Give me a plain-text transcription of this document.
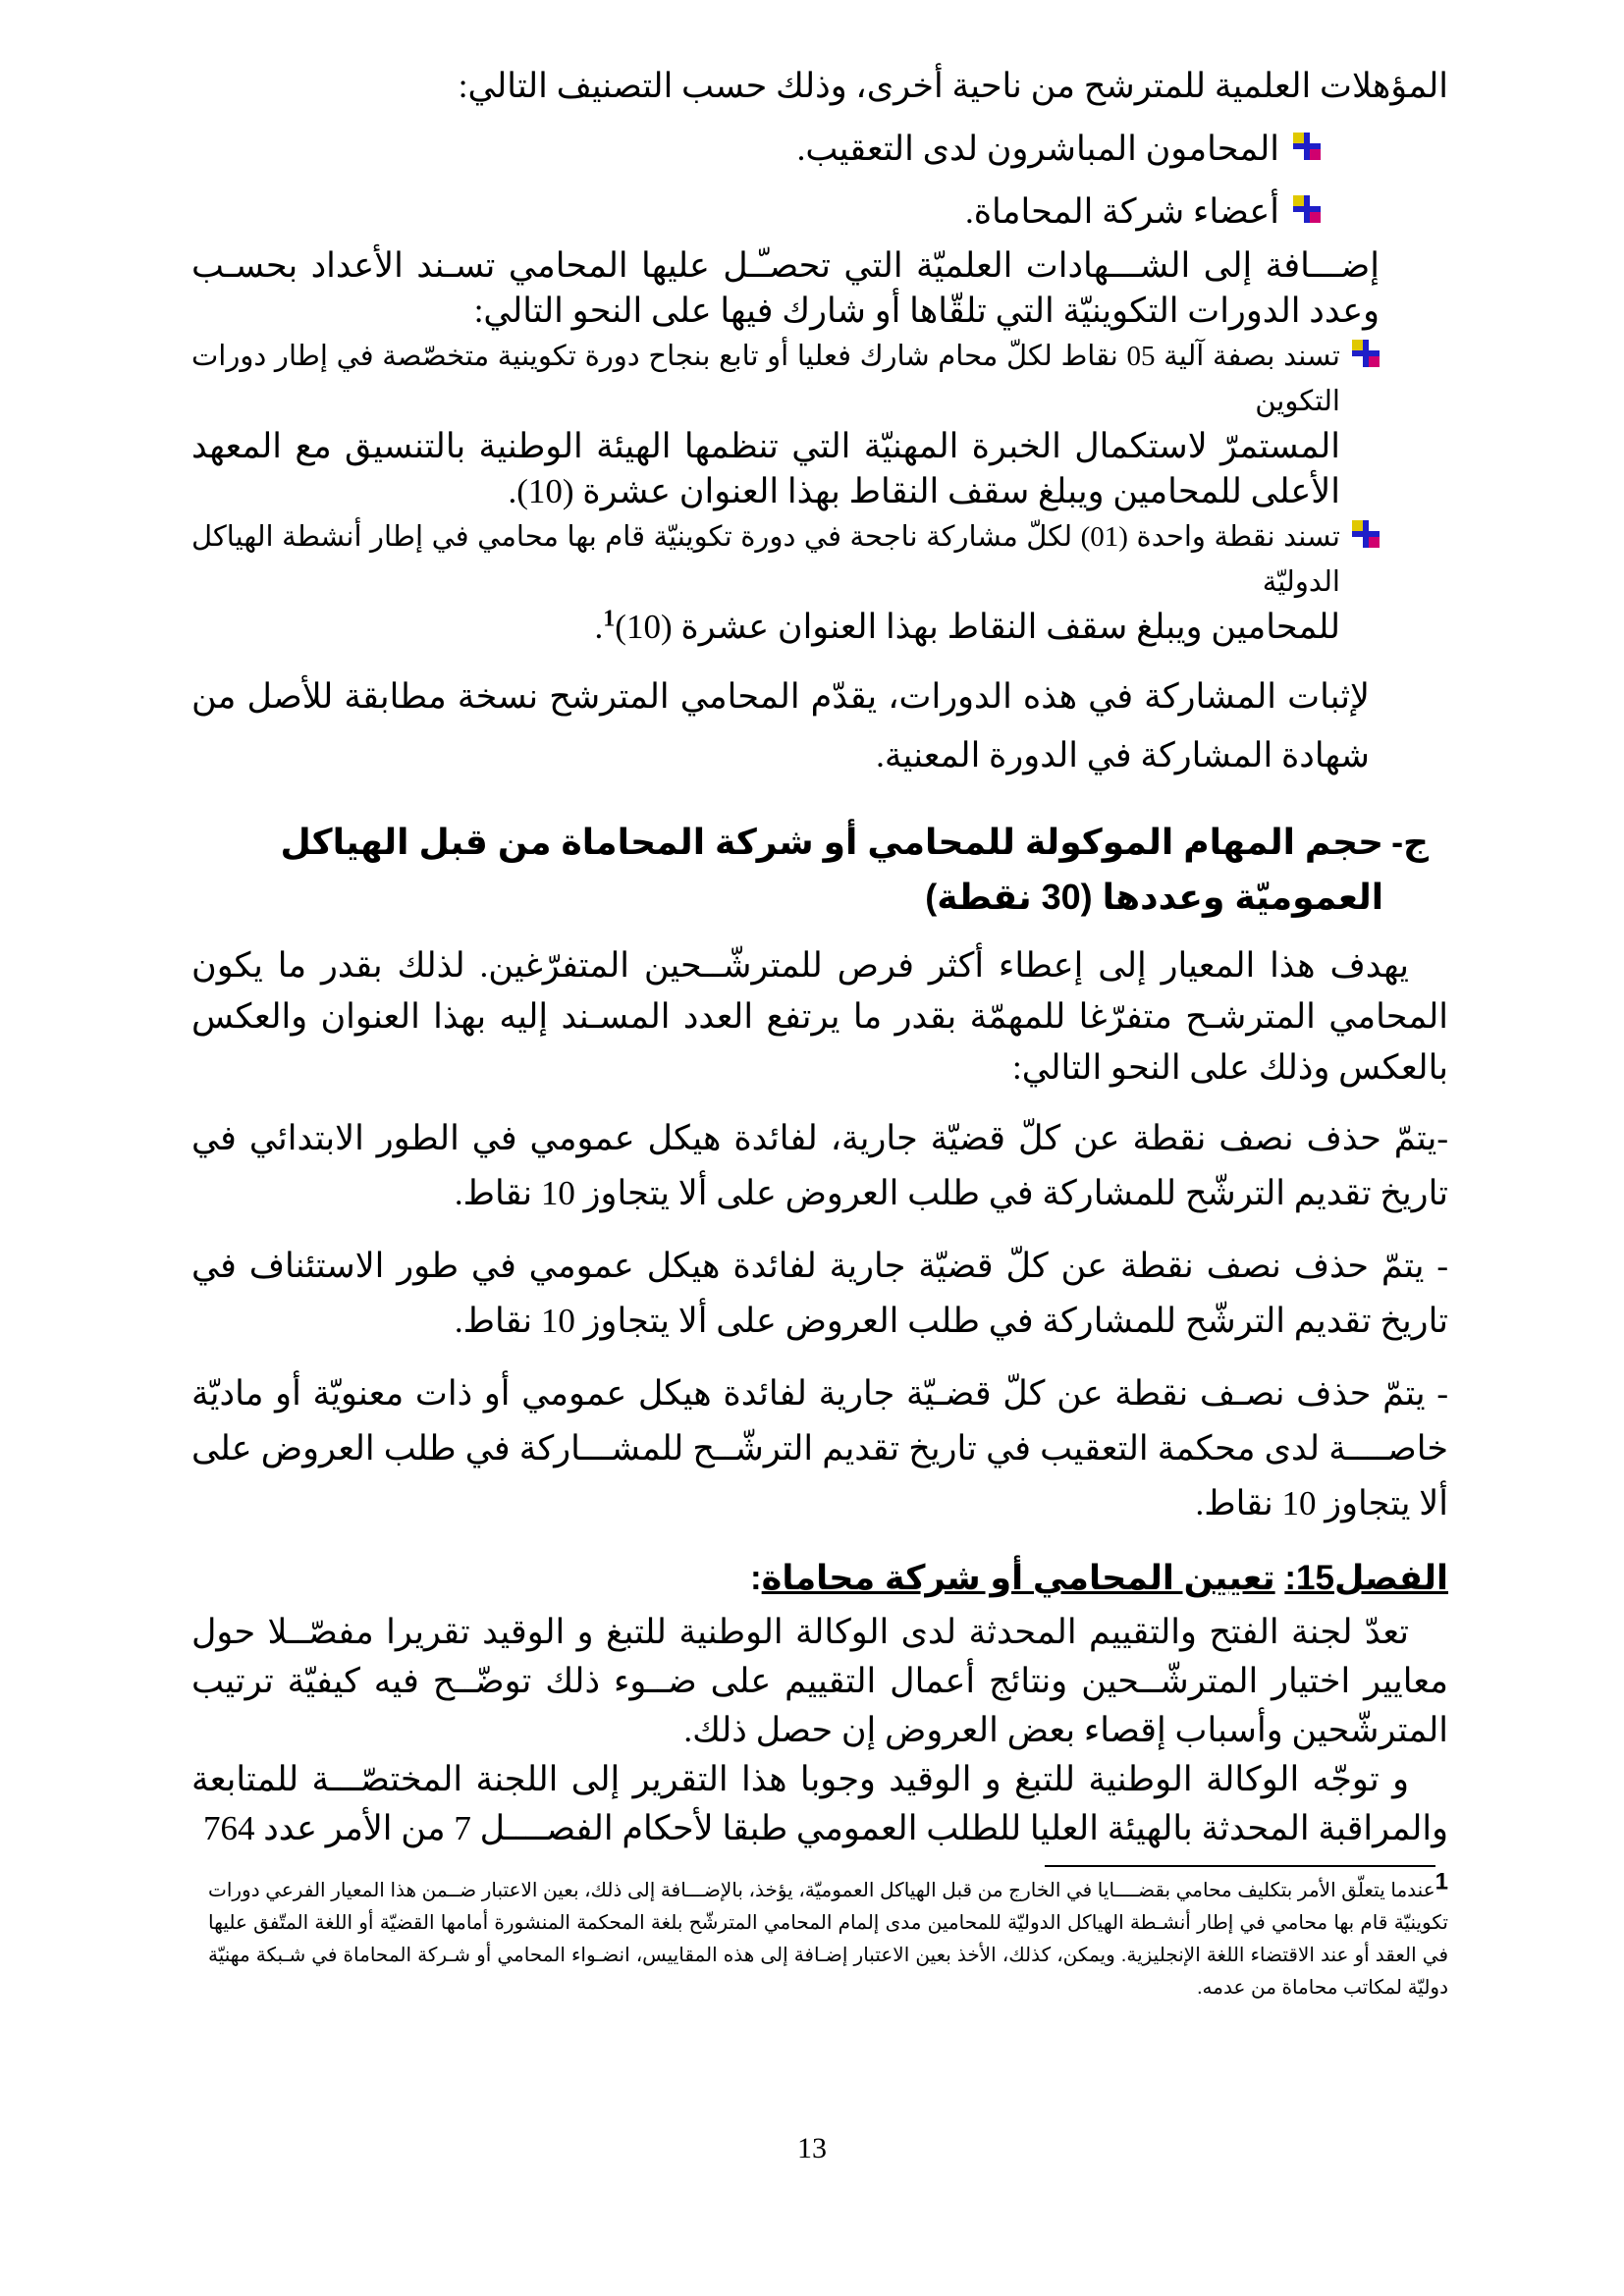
المؤهلات العلمية للمترشح من ناحية أخرى، وذلك حسب التصنيف التالي:

المحامون المباشرون لدى التعقيب.
أعضاء شركة المحاماة.

إضـــافة إلى الشـــهادات العلميّة التي تحصـّـل عليها المحامي تسـند الأعداد بحسـب وعدد الدورات التكوينيّة التي تلقّاها أو شارك فيها على النحو التالي:

تسند بصفة آلية 05 نقاط لكلّ محام شارك فعليا أو تابع بنجاح دورة تكوينية متخصّصة في إطار دورات التكوين
المستمرّ لاستكمال الخبرة المهنيّة التي تنظمها الهيئة الوطنية بالتنسيق مع المعهد الأعلى للمحامين ويبلغ سقف النقاط بهذا العنوان عشرة (10).
تسند نقطة واحدة (01) لكلّ مشاركة ناجحة في دورة تكوينيّة قام بها محامي في إطار أنشطة الهياكل الدوليّة
للمحامين ويبلغ سقف النقاط بهذا العنوان عشرة $(10)^1$.

لإثبات المشاركة في هذه الدورات، يقدّم المحامي المترشح نسخة مطابقة للأصل من شهادة المشاركة في الدورة المعنية.

ج-
حجم المهام الموكولة للمحامي أو شركة المحاماة من قبل الهياكل العموميّة وعددها (30 نقطة)

يهدف هذا المعيار إلى إعطاء أكثر فرص للمترشّــحين المتفرّغين. لذلك بقدر ما يكون المحامي المترشـح متفرّغا للمهمّة بقدر ما يرتفع العدد المسـند إليه بهذا العنوان والعكس بالعكس وذلك على النحو التالي:

-يتمّ حذف نصف نقطة عن كلّ قضيّة جارية، لفائدة هيكل عمومي في الطور الابتدائي في تاريخ تقديم الترشّح للمشاركة في طلب العروض على ألا يتجاوز 10 نقاط.

- يتمّ حذف نصف نقطة عن كلّ قضيّة جارية لفائدة هيكل عمومي في طور الاستئناف في تاريخ تقديم الترشّح للمشاركة في طلب العروض على ألا يتجاوز 10 نقاط.

- يتمّ حذف نصـف نقطة عن كلّ قضـيّة جارية لفائدة هيكل عمومي أو ذات معنويّة أو ماديّة خاصــــة لدى محكمة التعقيب في تاريخ تقديم الترشّــح للمشـــاركة في طلب العروض على ألا يتجاوز 10 نقاط.

الفصل15: تعيين المحامي أو شركة محاماة:

تعدّ لجنة الفتح والتقييم المحدثة لدى الوكالة الوطنية للتبغ و الوقيد تقريرا مفصّــلا حول معايير اختيار المترشّــحين ونتائج أعمال التقييم على ضــوء ذلك توضّــح فيه كيفيّة ترتيب المترشّحين وأسباب إقصاء بعض العروض إن حصل ذلك.

و توجّه الوكالة الوطنية للتبغ و الوقيد وجوبا هذا التقرير إلى اللجنة المختصّـــة للمتابعة والمراقبة المحدثة بالهيئة العليا للطلب العمومي طبقا لأحكام الفصــــل 7 من الأمر عدد 764

1عندما يتعلّق الأمر بتكليف محامي بقضــــايا في الخارج من قبل الهياكل العموميّة، يؤخذ، بالإضـــافة إلى ذلك، بعين الاعتبار ضــمن هذا المعيار الفرعي دورات تكوينيّة قام بها محامي في إطار أنشـطة الهياكل الدوليّة للمحامين مدى إلمام المحامي المترشّح بلغة المحكمة المنشورة أمامها القضيّة أو اللغة المتّفق عليها في العقد أو عند الاقتضاء اللغة الإنجليزية. ويمكن، كذلك، الأخذ بعين الاعتبار إضـافة إلى هذه المقاييس، انضـواء المحامي أو شـركة المحاماة في شـبكة مهنيّة دوليّة لمكاتب محاماة من عدمه.

13
